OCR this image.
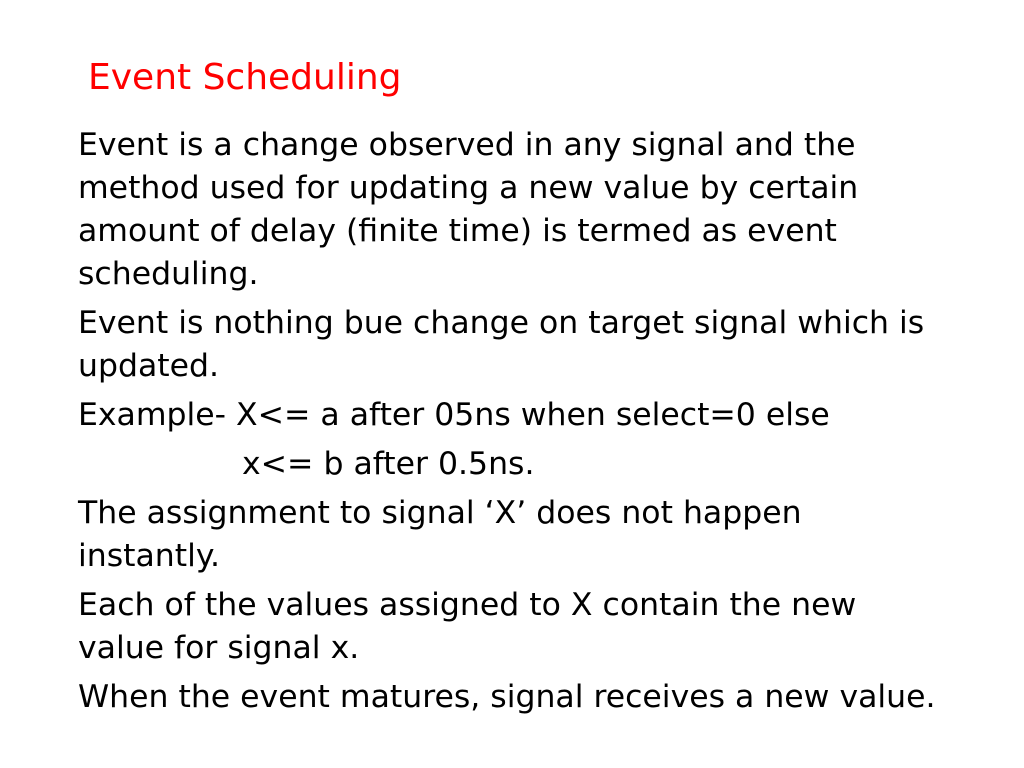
Event Scheduling
Event is a change observed in any signal and the
method used for updating a new value by certain
amount of delay (finite time) is termed as event
scheduling.
Event is nothing bue change on target signal which is
updated.
Example- X<= a after 05ns when select=0 else
x<= b after 0.5ns.
The assignment to signal ‘X’ does not happen
instantly.
Each of the values assigned to X contain the new
value for signal x.
When the event matures, signal receives a new value.
